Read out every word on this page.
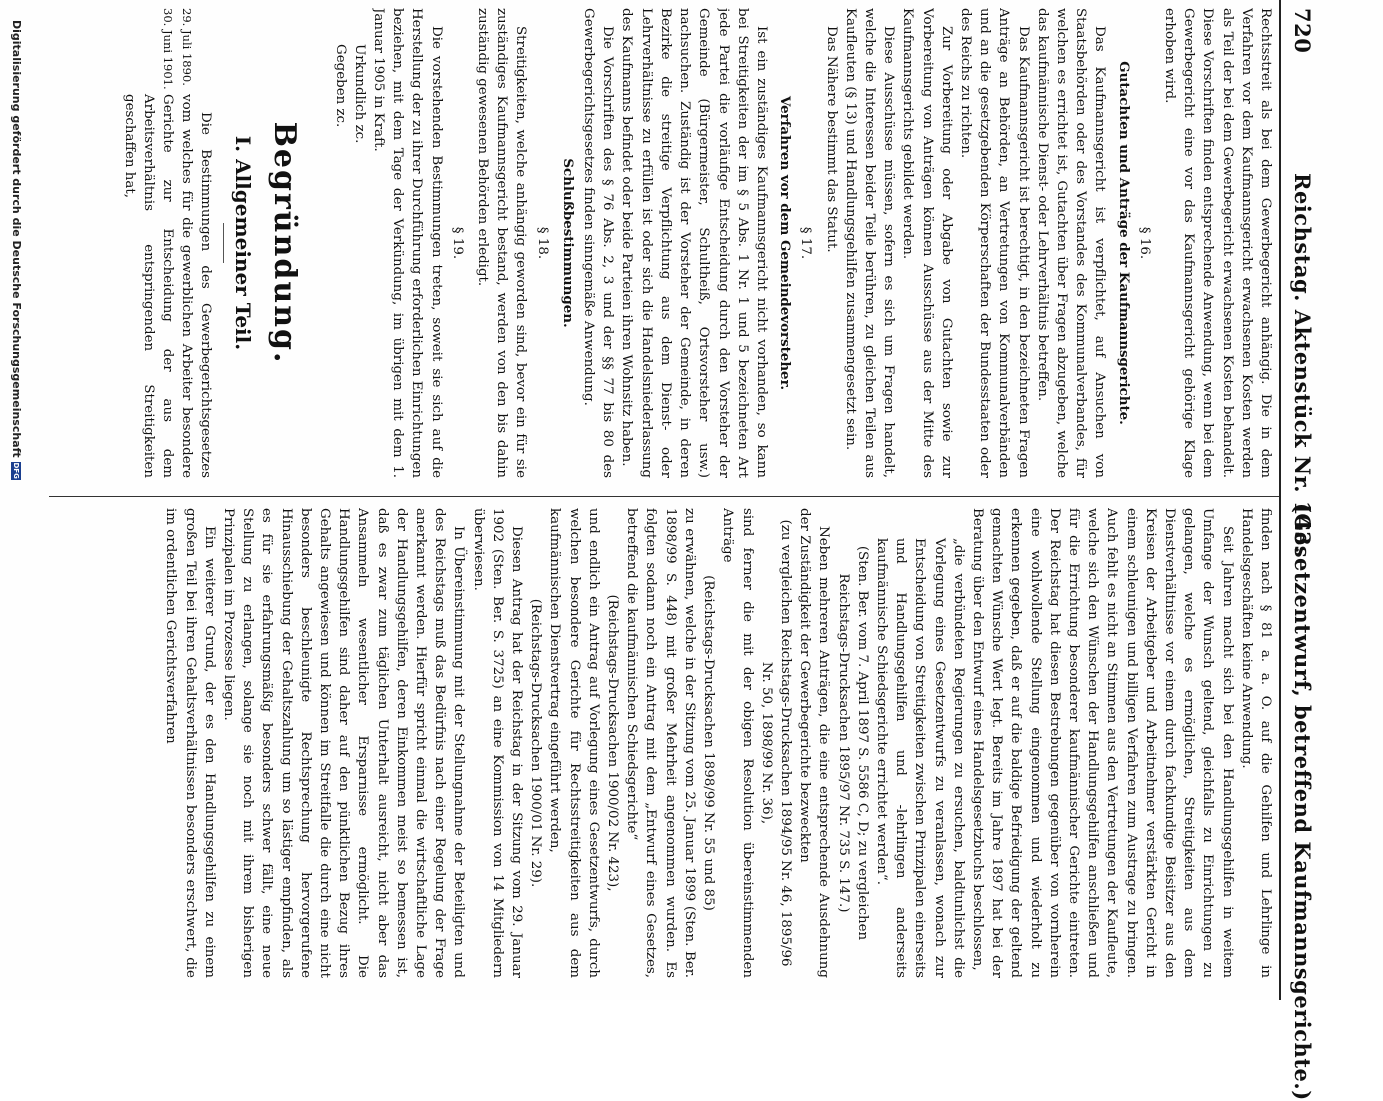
720
Reichstag. Aktenstück Nr. 143.
(Gesetzentwurf, betreffend Kaufmannsgerichte.)

Rechtsstreit als bei dem Gewerbegericht anhängig. Die in dem Verfahren vor dem Kaufmannsgericht erwachsenen Kosten werden als Teil der bei dem Gewerbegericht erwachsenen Kosten behandelt. Diese Vorschriften finden entsprechende Anwendung, wenn bei dem Gewerbegericht eine vor das Kaufmannsgericht gehörige Klage erhoben wird.

§ 16.
Gutachten und Anträge der Kaufmannsgerichte.

Das Kaufmannsgericht ist verpflichtet, auf Ansuchen von Staatsbehörden oder des Vorstandes des Kommunalverbandes, für welchen es errichtet ist, Gutachten über Fragen abzugeben, welche das kaufmännische Dienst- oder Lehrverhältnis betreffen.

Das Kaufmannsgericht ist berechtigt, in den bezeichneten Fragen Anträge an Behörden, an Vertretungen von Kommunalverbänden und an die gesetzgebenden Körperschaften der Bundesstaaten oder des Reichs zu richten.

Zur Vorbereitung oder Abgabe von Gutachten sowie zur Vorbereitung von Anträgen können Ausschüsse aus der Mitte des Kaufmannsgerichts gebildet werden.

Diese Ausschüsse müssen, sofern es sich um Fragen handelt, welche die Interessen beider Teile berühren, zu gleichen Teilen aus Kaufleuten (§ 13) und Handlungsgehilfen zusammengesetzt sein.

Das Nähere bestimmt das Statut.

§ 17.
Verfahren vor dem Gemeindevorsteher.

Ist ein zuständiges Kaufmannsgericht nicht vorhanden, so kann bei Streitigkeiten der im § 5 Abs. 1 Nr. 1 und 5 bezeichneten Art jede Partei die vorläufige Entscheidung durch den Vorsteher der Gemeinde (Bürgermeister, Schultheiß, Ortsvorsteher usw.) nachsuchen. Zuständig ist der Vorsteher der Gemeinde, in deren Bezirke die streitige Verpflichtung aus dem Dienst- oder Lehrverhältnisse zu erfüllen ist oder sich die Handelsniederlassung des Kaufmanns befindet oder beide Parteien ihren Wohnsitz haben.

Die Vorschriften des § 76 Abs. 2, 3 und der §§ 77 bis 80 des Gewerbegerichtsgesetzes finden sinngemäße Anwendung.

Schlußbestimmungen.
§ 18.

Streitigkeiten, welche anhängig geworden sind, bevor ein für sie zuständiges Kaufmannsgericht bestand, werden von den bis dahin zuständig gewesenen Behörden erledigt.

§ 19.

Die vorstehenden Bestimmungen treten, soweit sie sich auf die Herstellung der zu ihrer Durchführung erforderlichen Einrichtungen beziehen, mit dem Tage der Verkündung, im übrigen mit dem 1. Januar 1905 in Kraft.

Urkundlich zc.

Gegeben zc.

Begründung.
I. Allgemeiner Teil.
29. Juli 1890.
30. Juni 1901.

Die Bestimmungen des Gewerbegerichtsgesetzes vom welches für die gewerblichen Arbeiter besondere Gerichte zur Entscheidung der aus dem Arbeitsverhältnis entspringenden Streitigkeiten geschaffen hat,

finden nach § 81 a. a. O. auf die Gehilfen und Lehrlinge in Handelsgeschäften keine Anwendung.

Seit Jahren macht sich bei den Handlungsgehilfen in weitem Umfange der Wunsch geltend, gleichfalls zu Einrichtungen zu gelangen, welche es ermöglichen, Streitigkeiten aus dem Dienstverhältnisse vor einem durch fachkundige Beisitzer aus den Kreisen der Arbeitgeber und Arbeitnehmer verstärkten Gericht in einem schleunigen und billigen Verfahren zum Austrage zu bringen. Auch fehlt es nicht an Stimmen aus den Vertretungen der Kaufleute, welche sich den Wünschen der Handlungsgehilfen anschließen und für die Errichtung besonderer kaufmännischer Gerichte eintreten. Der Reichstag hat diesen Bestrebungen gegenüber von vornherein eine wohlwollende Stellung eingenommen und wiederholt zu erkennen gegeben, daß er auf die baldige Befriedigung der geltend gemachten Wünsche Wert legt. Bereits im Jahre 1897 hat bei der Beratung über den Entwurf eines Handelsgesetzbuchs beschlossen,

„die verbündeten Regierungen zu ersuchen, baldtunlichst die Vorlegung eines Gesetzentwurfs zu veranlassen, wonach zur Entscheidung von Streitigkeiten zwischen Prinzipalen einerseits und Handlungsgehilfen und -lehrlingen anderseits kaufmännische Schiedsgerichte errichtet werden“.

(Sten. Ber. vom 7. April 1897 S. 5586 C, D; zu vergleichen Reichstags-Drucksachen 1895/97 Nr. 735 S. 147.)

Neben mehreren Anträgen, die eine entsprechende Ausdehnung der Zuständigkeit der Gewerbegerichte bezweckten

(zu vergleichen Reichstags-Drucksachen 1894/95 Nr. 46, 1895/96 Nr. 50, 1898/99 Nr. 36),

sind ferner die mit der obigen Resolution übereinstimmenden Anträge

(Reichstags-Drucksachen 1898/99 Nr. 55 und 85)

zu erwähnen, welche in der Sitzung vom 25. Januar 1899 (Sten. Ber. 1898/99 S. 448) mit großer Mehrheit angenommen wurden. Es folgten sodann noch ein Antrag mit dem „Entwurf eines Gesetzes, betreffend die kaufmännischen Schiedsgerichte“

(Reichstags-Drucksachen 1900/02 Nr. 423),

und endlich ein Antrag auf Vorlegung eines Gesetzentwurfs, durch welchen besondere Gerichte für Rechtsstreitigkeiten aus dem kaufmännischen Dienstvertrag eingeführt werden,

(Reichstags-Drucksachen 1900/01 Nr. 29).

Diesen Antrag hat der Reichstag in der Sitzung vom 29. Januar 1902 (Sten. Ber. S. 3725) an eine Kommission von 14 Mitgliedern überwiesen.

In Übereinstimmung mit der Stellungnahme der Beteiligten und des Reichstags muß das Bedürfnis nach einer Regelung der Frage anerkannt werden. Hierfür spricht einmal die wirtschaftliche Lage der Handlungsgehilfen, deren Einkommen meist so bemessen ist, daß es zwar zum täglichen Unterhalt ausreicht, nicht aber das Ansammeln wesentlicher Ersparnisse ermöglicht. Die Handlungsgehilfen sind daher auf den pünktlichen Bezug ihres Gehalts angewiesen und können im Streitfalle die durch eine nicht besonders beschleunigte Rechtsprechung hervorgerufene Hinausschiebung der Gehaltszahlung um so lästiger empfinden, als es für sie erfahrungsmäßig besonders schwer fällt, eine neue Stellung zu erlangen, solange sie noch mit ihrem bisherigen Prinzipalen im Prozesse liegen.

Ein weiterer Grund, der es den Handlungsgehilfen zu einem großen Teil bei ihren Gehaltsverhältnissen besonders erschwert, die im ordentlichen Gerichtsverfahren

Digitalisierung gefördert durch die Deutsche ForschungsgemeinschaftDFG
